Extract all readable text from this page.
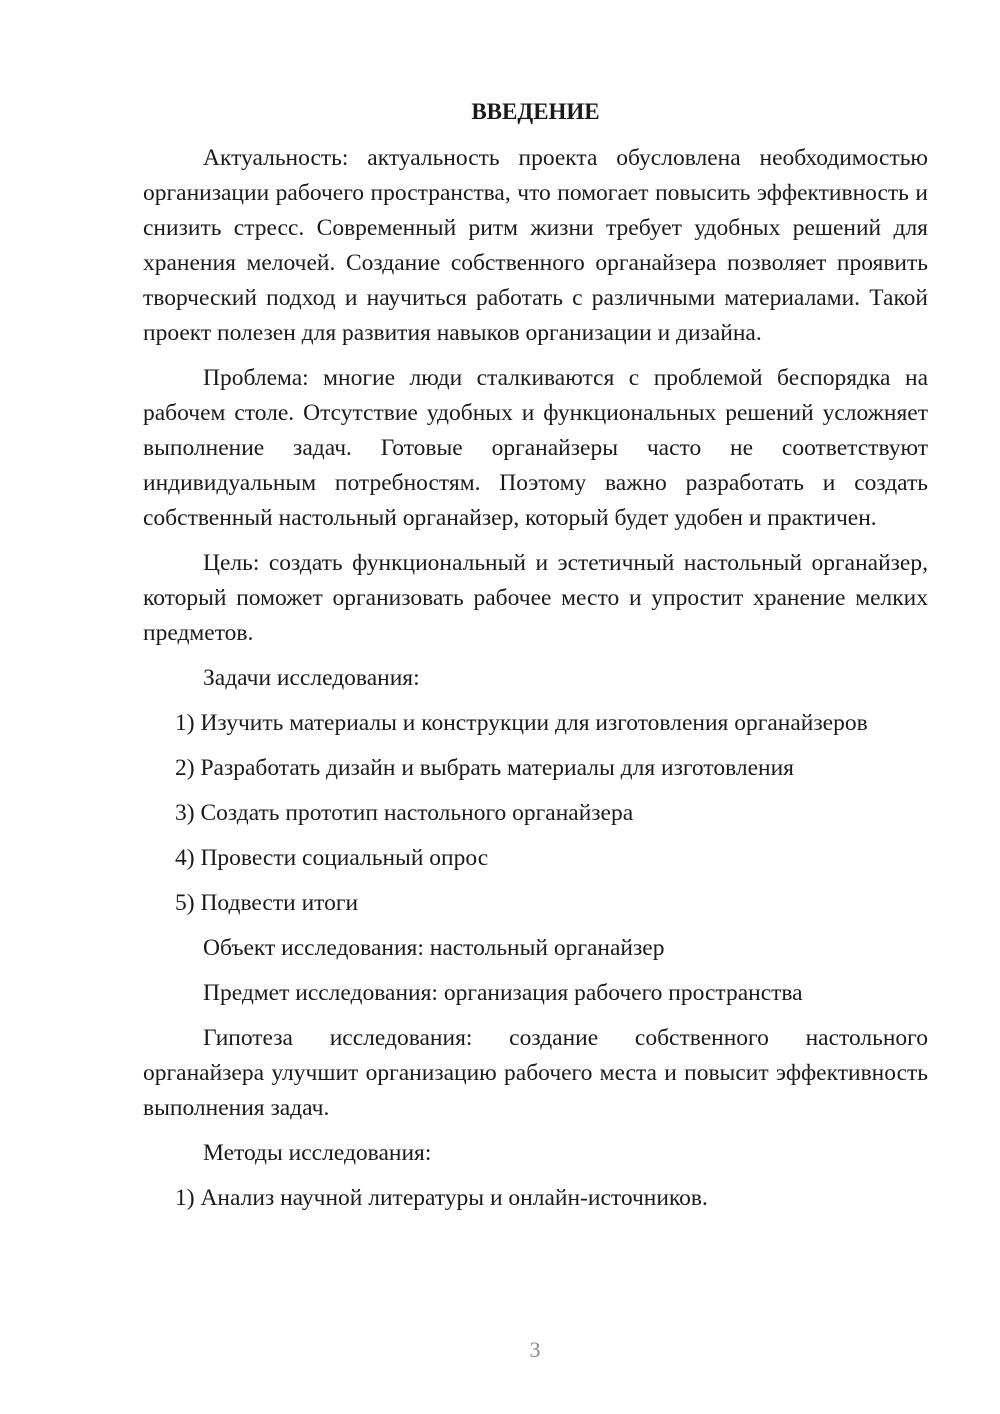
ВВЕДЕНИЕ

Актуальность: актуальность проекта обусловлена необходимостью организации рабочего пространства, что помогает повысить эффективность и снизить стресс. Современный ритм жизни требует удобных решений для хранения мелочей. Создание собственного органайзера позволяет проявить творческий подход и научиться работать с различными материалами. Такой проект полезен для развития навыков организации и дизайна.

Проблема: многие люди сталкиваются с проблемой беспорядка на рабочем столе. Отсутствие удобных и функциональных решений усложняет выполнение задач. Готовые органайзеры часто не соответствуют индивидуальным потребностям. Поэтому важно разработать и создать собственный настольный органайзер, который будет удобен и практичен.

Цель: создать функциональный и эстетичный настольный органайзер, который поможет организовать рабочее место и упростит хранение мелких предметов.

Задачи исследования:
1) Изучить материалы и конструкции для изготовления органайзеров
2) Разработать дизайн и выбрать материалы для изготовления
3) Создать прототип настольного органайзера
4) Провести социальный опрос
5) Подвести итоги
Объект исследования: настольный органайзер
Предмет исследования: организация рабочего пространства

Гипотеза исследования: создание собственного настольного органайзера улучшит организацию рабочего места и повысит эффективность выполнения задач.

Методы исследования:
1) Анализ научной литературы и онлайн-источников.
3
